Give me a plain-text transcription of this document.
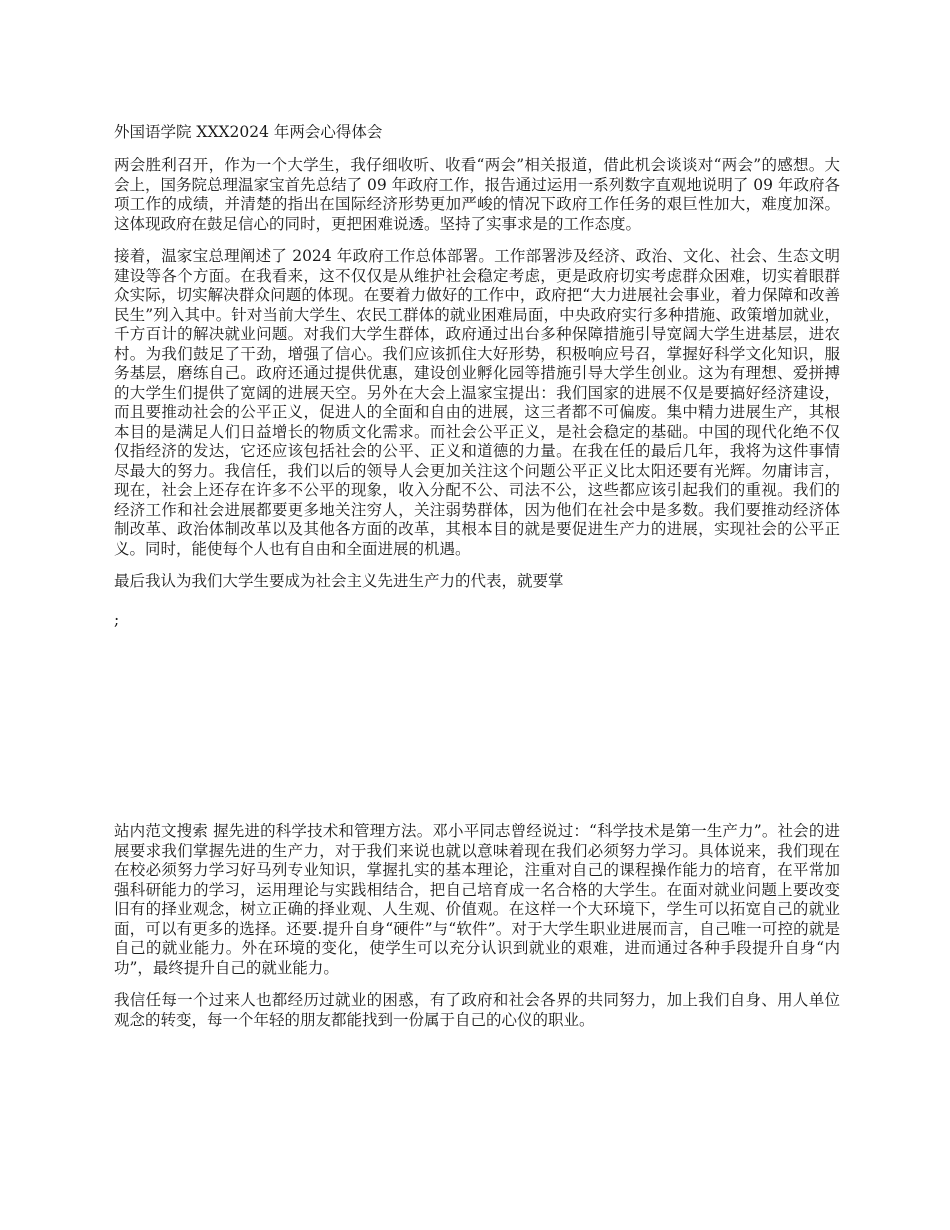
外国语学院 XXX2024 年两会心得体会

两会胜利召开，作为一个大学生，我仔细收听、收看“两会”相关报道，借此机会谈谈对“两会”的感想。大会上，国务院总理温家宝首先总结了 09 年政府工作，报告通过运用一系列数字直观地说明了 09 年政府各项工作的成绩，并清楚的指出在国际经济形势更加严峻的情况下政府工作任务的艰巨性加大，难度加深。这体现政府在鼓足信心的同时，更把困难说透。坚持了实事求是的工作态度。

接着，温家宝总理阐述了 2024 年政府工作总体部署。工作部署涉及经济、政治、文化、社会、生态文明建设等各个方面。在我看来，这不仅仅是从维护社会稳定考虑，更是政府切实考虑群众困难，切实着眼群众实际，切实解决群众问题的体现。在要着力做好的工作中，政府把“大力进展社会事业，着力保障和改善民生”列入其中。针对当前大学生、农民工群体的就业困难局面，中央政府实行多种措施、政策增加就业，千方百计的解决就业问题。对我们大学生群体，政府通过出台多种保障措施引导宽阔大学生进基层，进农村。为我们鼓足了干劲，增强了信心。我们应该抓住大好形势，积极响应号召，掌握好科学文化知识，服务基层，磨练自己。政府还通过提供优惠，建设创业孵化园等措施引导大学生创业。这为有理想、爱拼搏的大学生们提供了宽阔的进展天空。另外在大会上温家宝提出：我们国家的进展不仅是要搞好经济建设，而且要推动社会的公平正义，促进人的全面和自由的进展，这三者都不可偏废。集中精力进展生产，其根本目的是满足人们日益增长的物质文化需求。而社会公平正义，是社会稳定的基础。中国的现代化绝不仅仅指经济的发达，它还应该包括社会的公平、正义和道德的力量。在我在任的最后几年，我将为这件事情尽最大的努力。我信任，我们以后的领导人会更加关注这个问题公平正义比太阳还要有光辉。勿庸讳言，现在，社会上还存在许多不公平的现象，收入分配不公、司法不公，这些都应该引起我们的重视。我们的经济工作和社会进展都要更多地关注穷人，关注弱势群体，因为他们在社会中是多数。我们要推动经济体制改革、政治体制改革以及其他各方面的改革，其根本目的就是要促进生产力的进展，实现社会的公平正义。同时，能使每个人也有自由和全面进展的机遇。

最后我认为我们大学生要成为社会主义先进生产力的代表，就要掌

;

站内范文搜索 握先进的科学技术和管理方法。邓小平同志曾经说过：“科学技术是第一生产力”。社会的进展要求我们掌握先进的生产力，对于我们来说也就以意味着现在我们必须努力学习。具体说来，我们现在在校必须努力学习好马列专业知识，掌握扎实的基本理论，注重对自己的课程操作能力的培育，在平常加强科研能力的学习，运用理论与实践相结合，把自己培育成一名合格的大学生。在面对就业问题上要改变旧有的择业观念，树立正确的择业观、人生观、价值观。在这样一个大环境下，学生可以拓宽自己的就业面，可以有更多的选择。还要.提升自身“硬件”与“软件”。对于大学生职业进展而言，自己唯一可控的就是自己的就业能力。外在环境的变化，使学生可以充分认识到就业的艰难，进而通过各种手段提升自身“内功”，最终提升自己的就业能力。

我信任每一个过来人也都经历过就业的困惑，有了政府和社会各界的共同努力，加上我们自身、用人单位观念的转变，每一个年轻的朋友都能找到一份属于自己的心仪的职业。
